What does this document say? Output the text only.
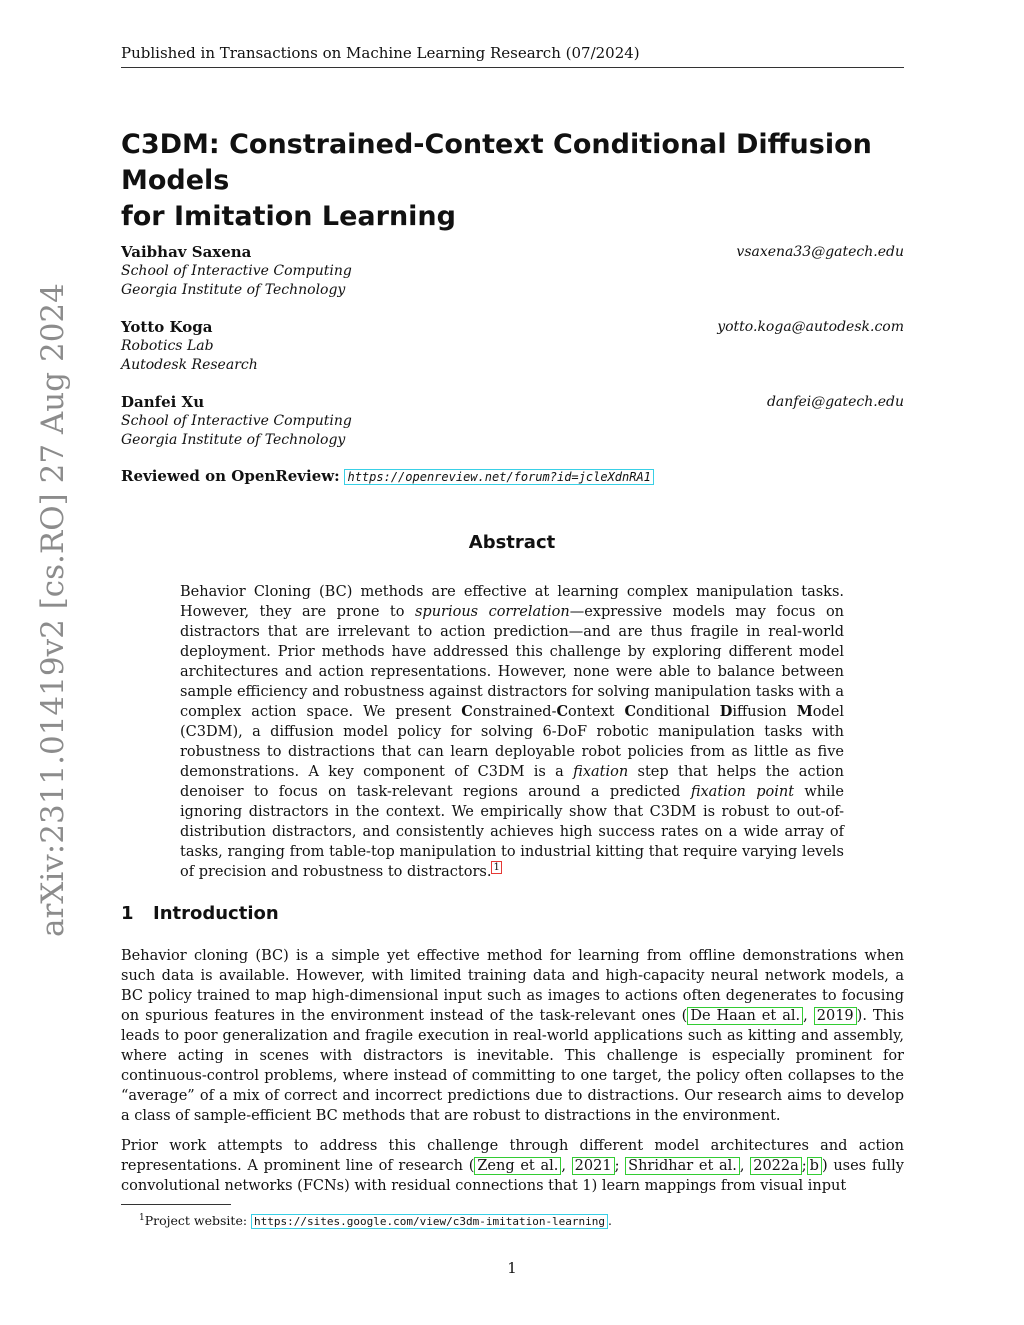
Published in Transactions on Machine Learning Research (07/2024)
arXiv:2311.01419v2 [cs.RO] 27 Aug 2024
C3DM: Constrained-Context Conditional Diffusion Models
for Imitation Learning
Vaibhav Saxena	vsaxena33@gatech.edu
School of Interactive Computing
Georgia Institute of Technology
Yotto Koga	yotto.koga@autodesk.com
Robotics Lab
Autodesk Research
Danfei Xu	danfei@gatech.edu
School of Interactive Computing
Georgia Institute of Technology
Reviewed on OpenReview: https://openreview.net/forum?id=jcleXdnRA1
Abstract

Behavior Cloning (BC) methods are effective at learning complex manipulation tasks. However, they are prone to spurious correlation—expressive models may focus on distractors that are irrelevant to action prediction—and are thus fragile in real-world deployment. Prior methods have addressed this challenge by exploring different model architectures and action representations. However, none were able to balance between sample efficiency and robustness against distractors for solving manipulation tasks with a complex action space. We present Constrained-Context Conditional Diffusion Model (C3DM), a diffusion model policy for solving 6-DoF robotic manipulation tasks with robustness to distractions that can learn deployable robot policies from as little as five demonstrations. A key component of C3DM is a fixation step that helps the action denoiser to focus on task-relevant regions around a predicted fixation point while ignoring distractors in the context. We empirically show that C3DM is robust to out-of-distribution distractors, and consistently achieves high success rates on a wide array of tasks, ranging from table-top manipulation to industrial kitting that require varying levels of precision and robustness to distractors. $^1$

1 Introduction

Behavior cloning (BC) is a simple yet effective method for learning from offline demonstrations when such data is available. However, with limited training data and high-capacity neural network models, a BC policy trained to map high-dimensional input such as images to actions often degenerates to focusing on spurious features in the environment instead of the task-relevant ones ( De Haan et al. , 2019 ). This leads to poor generalization and fragile execution in real-world applications such as kitting and assembly, where acting in scenes with distractors is inevitable. This challenge is especially prominent for continuous-control problems, where instead of committing to one target, the policy often collapses to the “average” of a mix of correct and incorrect predictions due to distractions. Our research aims to develop a class of sample-efficient BC methods that are robust to distractions in the environment.

Prior work attempts to address this challenge through different model architectures and action representations. A prominent line of research ( Zeng et al. , 2021 ; Shridhar et al. , 2022a ; b ) uses fully convolutional networks (FCNs) with residual connections that 1) learn mappings from visual input

$^1$Project website: https://sites.google.com/view/c3dm-imitation-learning .
1
